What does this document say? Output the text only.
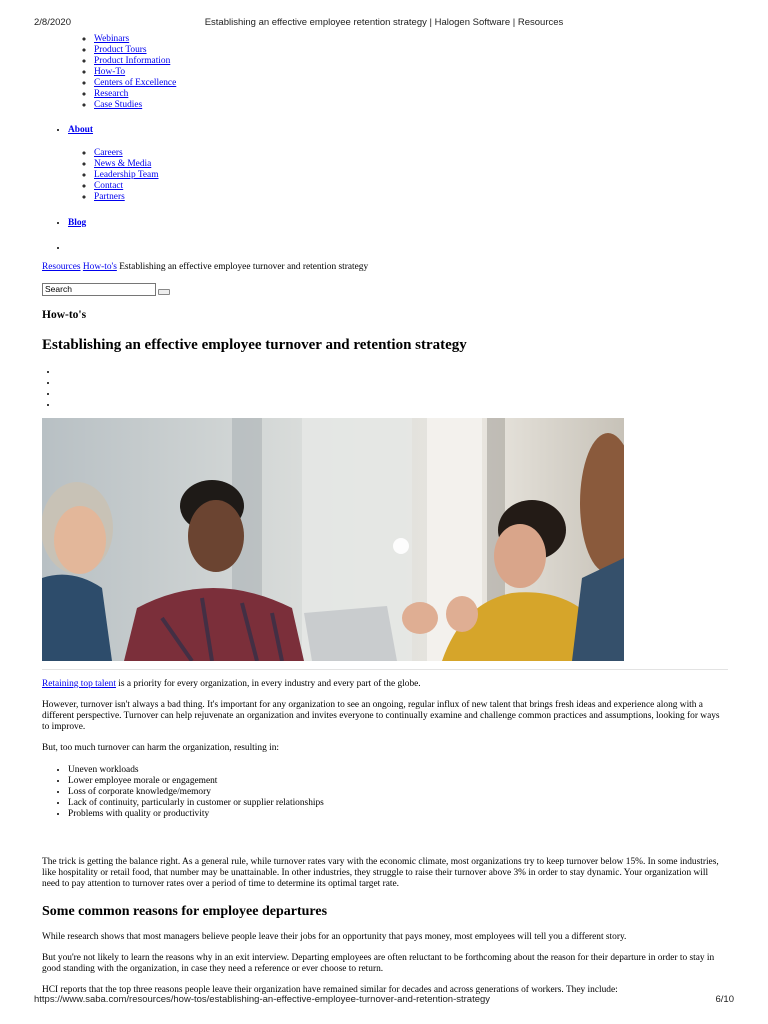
2/8/2020	Establishing an effective employee retention strategy | Halogen Software | Resources
◦ Webinars
◦ Product Tours
◦ Product Information
◦ How-To
◦ Centers of Excellence
◦ Research
◦ Case Studies
• About
◦ Careers
◦ News & Media
◦ Leadership Team
◦ Contact
◦ Partners
• Blog
•
Resources How-to's Establishing an effective employee turnover and retention strategy
Search
How-to's
Establishing an effective employee turnover and retention strategy
•
•
•
•

Retaining top talent is a priority for every organization, in every industry and every part of the globe.

However, turnover isn't always a bad thing. It's important for any organization to see an ongoing, regular influx of new talent that brings fresh ideas and experience along with a different perspective. Turnover can help rejuvenate an organization and invites everyone to continually examine and challenge common practices and assumptions, looking for ways to improve.

But, too much turnover can harm the organization, resulting in:

• Uneven workloads
• Lower employee morale or engagement
• Loss of corporate knowledge/memory
• Lack of continuity, particularly in customer or supplier relationships
• Problems with quality or productivity

The trick is getting the balance right. As a general rule, while turnover rates vary with the economic climate, most organizations try to keep turnover below 15%. In some industries, like hospitality or retail food, that number may be unattainable. In other industries, they struggle to raise their turnover above 3% in order to stay dynamic. Your organization will need to pay attention to turnover rates over a period of time to determine its optimal target rate.

Some common reasons for employee departures

While research shows that most managers believe people leave their jobs for an opportunity that pays money, most employees will tell you a different story.

But you're not likely to learn the reasons why in an exit interview. Departing employees are often reluctant to be forthcoming about the reason for their departure in order to stay in good standing with the organization, in case they need a reference or ever choose to return.

HCI reports that the top three reasons people leave their organization have remained similar for decades and across generations of workers. They include:

https://www.saba.com/resources/how-tos/establishing-an-effective-employee-turnover-and-retention-strategy	6/10
